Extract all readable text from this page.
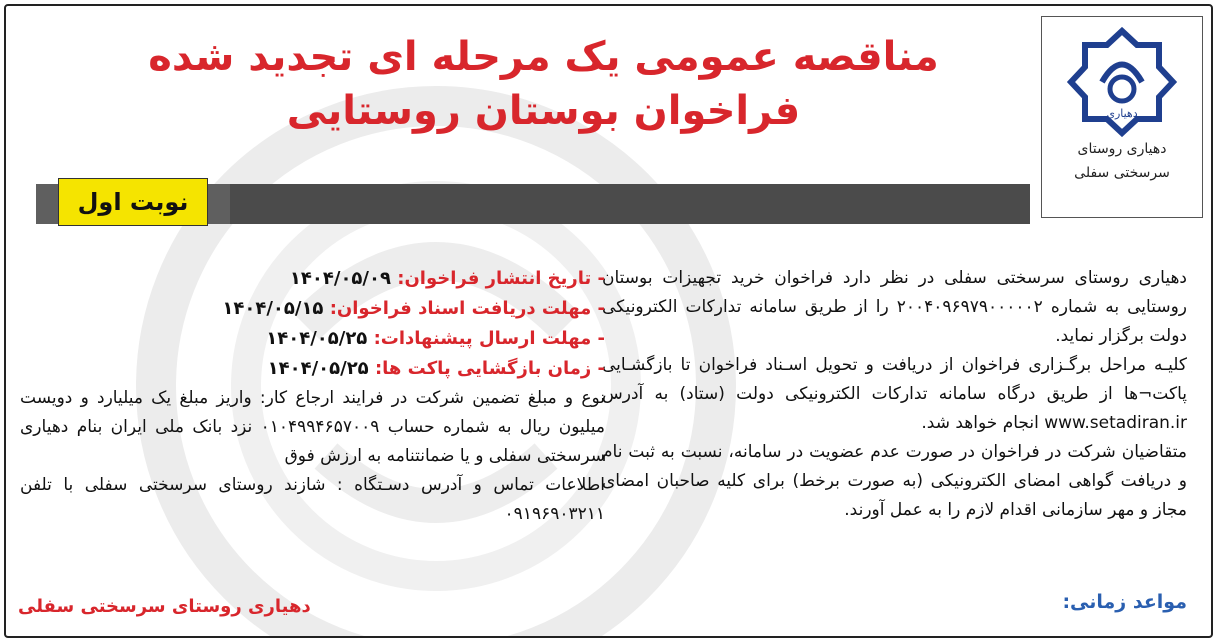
دهیاری
دهیاری روستای
سرسختی سفلی
مناقصه عمومی یک مرحله ای تجدید شده
فراخوان بوستان روستایی
نوبت اول

دهیاری روستای سرسختی سفلی در نظر دارد فراخوان خرید تجهیزات بوستان روستایی به شماره ۲۰۰۴۰۹۶۹۷۹۰۰۰۰۰۲ را از طریق سامانه تدارکات الکترونیکی دولت برگزار نماید.

کلیـه مراحل برگـزاری فراخوان از دریافت و تحویل اسـناد فراخوان تا بازگشـایی پاکت¬ها از طریق درگاه سامانه تدارکات الکترونیکی دولت (ستاد) به آدرس www.setadiran.ir انجام خواهد شد.

متقاضیان شرکت در فراخوان در صورت عدم عضویت در سامانه، نسبت به ثبت نام و دریافت گواهی امضای الکترونیکی (به صورت برخط) برای کلیه صاحبان امضای مجاز و مهر سازمانی اقدام لازم را به عمل آورند.

- تاریخ انتشار فراخوان: ۱۴۰۴/۰۵/۰۹
- مهلت دریافت اسناد فراخوان: ۱۴۰۴/۰۵/۱۵
- مهلت ارسال پیشنهادات: ۱۴۰۴/۰۵/۲۵
- زمان بازگشایی پاکت ها: ۱۴۰۴/۰۵/۲۵

نوع و مبلغ تضمین شرکت در فرایند ارجاع کار: واریز مبلغ یک میلیارد و دویست میلیون ریال به شماره حساب ۰۱۰۴۹۹۴۶۵۷۰۰۹ نزد بانک ملی ایران بنام دهیاری سرسختی سفلی و یا ضمانتنامه به ارزش فوق

اطلاعات تماس و آدرس دسـتگاه : شازند روستای سرسختی سفلی با تلفن ۰۹۱۹۶۹۰۳۲۱۱

مواعد زمانی:
دهیاری روستای سرسختی سفلی
